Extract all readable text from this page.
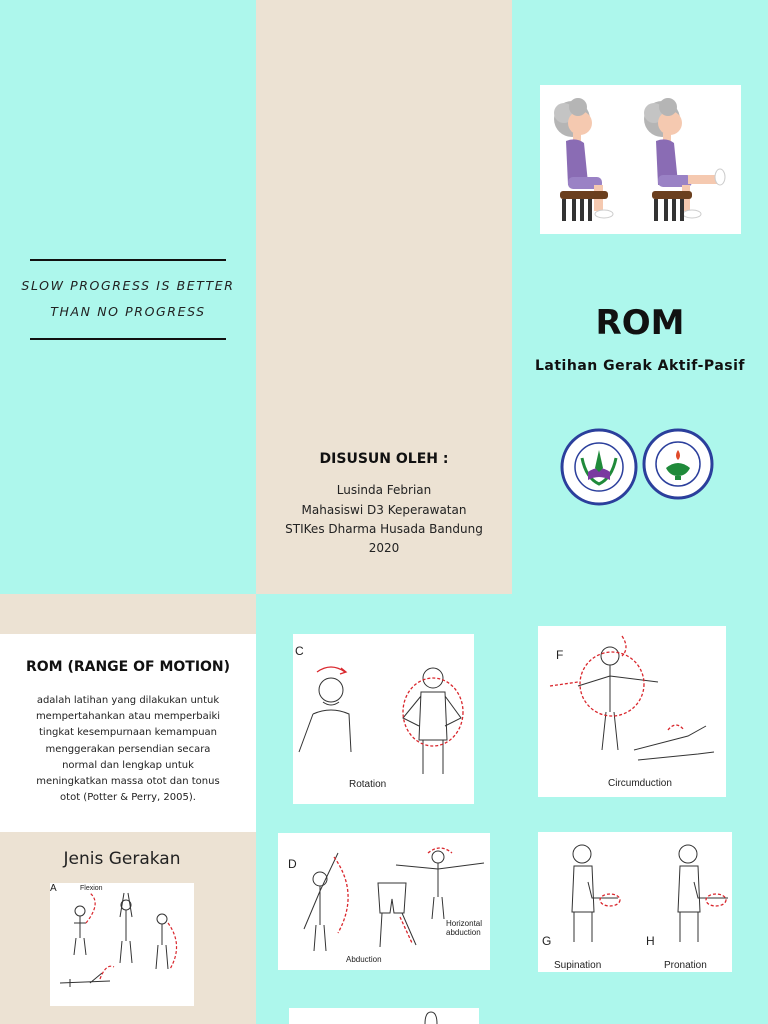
SLOW PROGRESS IS BETTER
THAN NO PROGRESS
DISUSUN OLEH :
Lusinda Febrian
Mahasiswi D3 Keperawatan
STIKes Dharma Husada Bandung
2020
ROM
Latihan Gerak Aktif-Pasif
ROM (RANGE OF MOTION)
adalah latihan yang dilakukan untuk mempertahankan atau memperbaiki tingkat kesempurnaan kemampuan menggerakan persendian secara normal dan lengkap untuk meningkatkan massa otot dan tonus otot (Potter & Perry, 2005).
Jenis Gerakan
A	Flexion
C
Rotation
F
Circumduction
D
Abduction
Horizontal
abduction
G
Supination
H
Pronation
